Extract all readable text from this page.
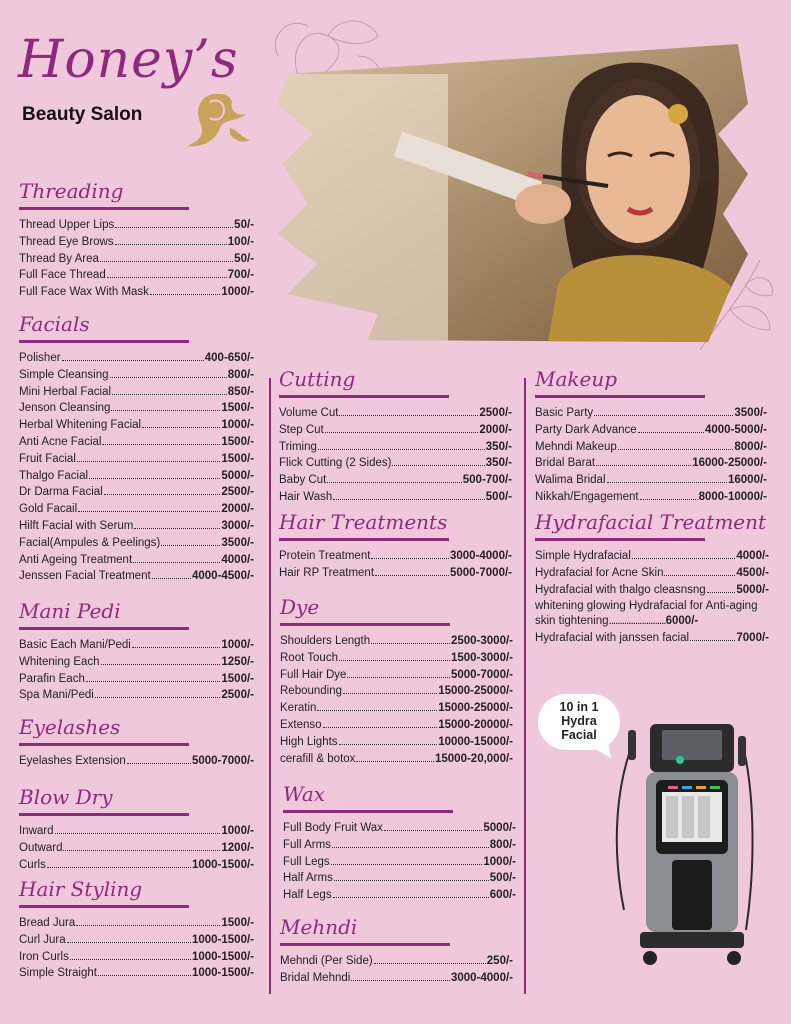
Honey’s
Beauty Salon
Threading
Thread Upper Lips	50/-
Thread Eye Brows	100/-
Thread By Area	50/-
Full Face Thread	700/-
Full Face Wax With Mask	1000/-
Facials
Polisher	400-650/-
Simple Cleansing	800/-
Mini Herbal Facial	850/-
Jenson Cleansing	1500/-
Herbal Whitening Facial	1000/-
Anti Acne Facial	1500/-
Fruit Facial	1500/-
Thalgo Facial	5000/-
Dr Darma Facial	2500/-
Gold Facail	2000/-
Hilft Facial with Serum	3000/-
Facial(Ampules & Peelings)	3500/-
Anti Ageing Treatment	4000/-
Jenssen Facial Treatment	4000-4500/-
Mani Pedi
Basic Each Mani/Pedi	1000/-
Whitening Each	1250/-
Parafin Each	1500/-
Spa Mani/Pedi	2500/-
Eyelashes
Eyelashes Extension	5000-7000/-
Blow Dry
Inward	1000/-
Outward	1200/-
Curls	1000-1500/-
Hair Styling
Bread Jura	1500/-
Curl Jura	1000-1500/-
Iron Curls	1000-1500/-
Simple Straight	1000-1500/-
Cutting
Volume Cut	2500/-
Step Cut	2000/-
Triming	350/-
Flick Cutting (2 Sides)	350/-
Baby Cut	500-700/-
Hair Wash	500/-
Hair Treatments
Protein Treatment	3000-4000/-
Hair RP Treatment	5000-7000/-
Dye
Shoulders Length	2500-3000/-
Root Touch	1500-3000/-
Full Hair Dye	5000-7000/-
Rebounding	15000-25000/-
Keratin	15000-25000/-
Extenso	15000-20000/-
High Lights	10000-15000/-
cerafill & botox	15000-20,000/-
Wax
Full Body Fruit Wax	5000/-
Full Arms	800/-
Full Legs	1000/-
Half Arms	500/-
Half Legs	600/-
Mehndi
Mehndi (Per Side)	250/-
Bridal Mehndi	3000-4000/-
Makeup
Basic Party	3500/-
Party Dark Advance	4000-5000/-
Mehndi Makeup	8000/-
Bridal Barat	16000-25000/-
Walima Bridal	16000/-
Nikkah/Engagement	8000-10000/-
Hydrafacial Treatment
Simple Hydrafacial	4000/-
Hydrafacial for Acne Skin	4500/-
Hydrafacial with thalgo cleasnsng	5000/-
whitening glowing Hydrafacial for Anti-aging skin tightening..........................6000/-
Hydrafacial with janssen facial	7000/-
10 in 1
Hydra
Facial
